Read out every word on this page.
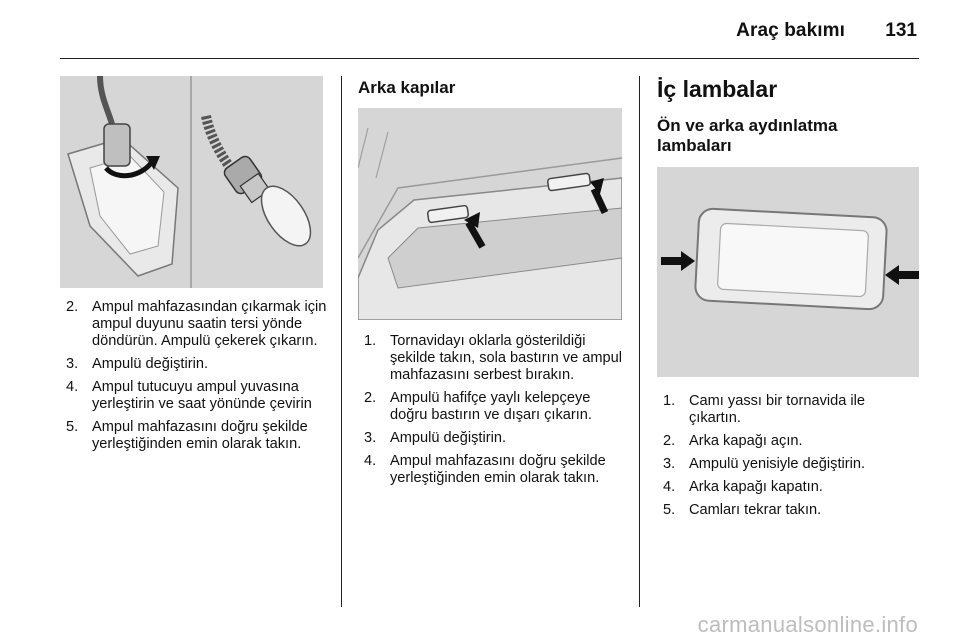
Araç bakımı 131
2. Ampul mahfazasından çıkarmak için ampul duyunu saatin tersi yönde döndürün. Ampulü çekerek çıkarın.
3. Ampulü değiştirin.
4. Ampul tutucuyu ampul yuvasına yerleştirin ve saat yönünde çevirin
5. Ampul mahfazasını doğru şekilde yerleştiğinden emin olarak takın.
Arka kapılar
1. Tornavidayı oklarla gösterildiği şekilde takın, sola bastırın ve ampul mahfazasını serbest bırakın.
2. Ampulü hafifçe yaylı kelepçeye doğru bastırın ve dışarı çıkarın.
3. Ampulü değiştirin.
4. Ampul mahfazasını doğru şekilde yerleştiğinden emin olarak takın.
İç lambalar
Ön ve arka aydınlatma lambaları
1. Camı yassı bir tornavida ile çıkartın.
2. Arka kapağı açın.
3. Ampulü yenisiyle değiştirin.
4. Arka kapağı kapatın.
5. Camları tekrar takın.
carmanualsonline.info
